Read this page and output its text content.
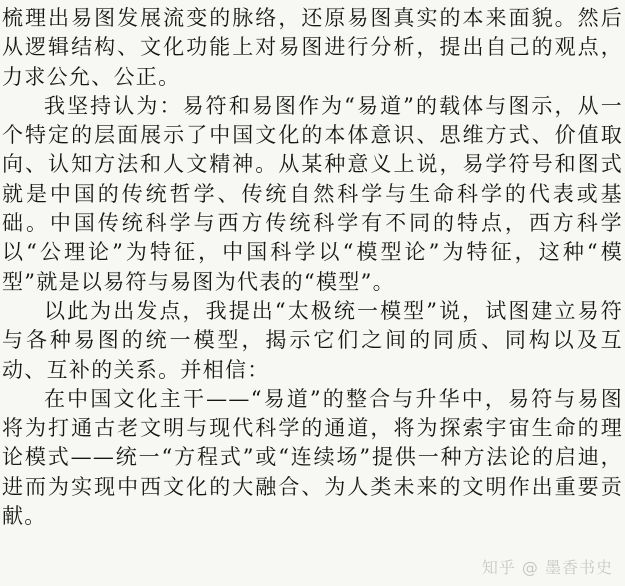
梳理出易图发展流变的脉络，还原易图真实的本来面貌。然后从逻辑结构、文化功能上对易图进行分析，提出自己的观点，力求公允、公正。

我坚持认为：易符和易图作为“易道”的载体与图示，从一个特定的层面展示了中国文化的本体意识、思维方式、价值取向、认知方法和人文精神。从某种意义上说，易学符号和图式就是中国的传统哲学、传统自然科学与生命科学的代表或基础。中国传统科学与西方传统科学有不同的特点，西方科学以“公理论”为特征，中国科学以“模型论”为特征，这种“模型”就是以易符与易图为代表的“模型”。

以此为出发点，我提出“太极统一模型”说，试图建立易符与各种易图的统一模型，揭示它们之间的同质、同构以及互动、互补的关系。并相信：

在中国文化主干——“易道”的整合与升华中，易符与易图将为打通古老文明与现代科学的通道，将为探索宇宙生命的理论模式——统一“方程式”或“连续场”提供一种方法论的启迪，进而为实现中西文化的大融合、为人类未来的文明作出重要贡献。

知乎 @ 墨香书史
